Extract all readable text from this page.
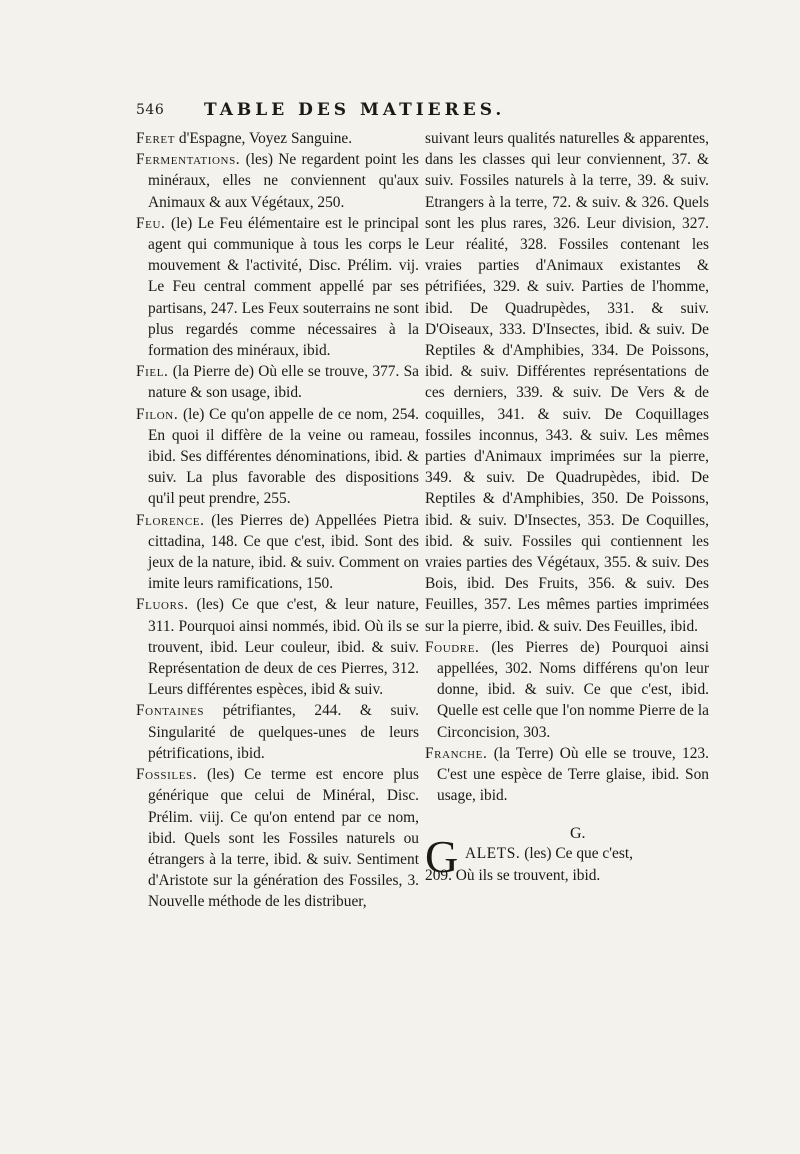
546 TABLE DES MATIERES.

Feret d'Espagne, Voyez Sanguine.

Fermentations. (les) Ne regardent point les minéraux, elles ne conviennent qu'aux Animaux & aux Végétaux, 250.

Feu. (le) Le Feu élémentaire est le principal agent qui communique à tous les corps le mouvement & l'activité, Disc. Prélim. vij. Le Feu central comment appellé par ses partisans, 247. Les Feux souterrains ne sont plus regardés comme nécessaires à la formation des minéraux, ibid.

Fiel. (la Pierre de) Où elle se trouve, 377. Sa nature & son usage, ibid.

Filon. (le) Ce qu'on appelle de ce nom, 254. En quoi il diffère de la veine ou rameau, ibid. Ses différentes dénominations, ibid. & suiv. La plus favorable des dispositions qu'il peut prendre, 255.

Florence. (les Pierres de) Appellées Pietra cittadina, 148. Ce que c'est, ibid. Sont des jeux de la nature, ibid. & suiv. Comment on imite leurs ramifications, 150.

Fluors. (les) Ce que c'est, & leur nature, 311. Pourquoi ainsi nommés, ibid. Où ils se trouvent, ibid. Leur couleur, ibid. & suiv. Représentation de deux de ces Pierres, 312. Leurs différentes espèces, ibid & suiv.

Fontaines pétrifiantes, 244. & suiv. Singularité de quelques-unes de leurs pétrifications, ibid.

Fossiles. (les) Ce terme est encore plus générique que celui de Minéral, Disc. Prélim. viij. Ce qu'on entend par ce nom, ibid. Quels sont les Fossiles naturels ou étrangers à la terre, ibid. & suiv. Sentiment d'Aristote sur la génération des Fossiles, 3. Nouvelle méthode de les distribuer,

suivant leurs qualités naturelles & apparentes, dans les classes qui leur conviennent, 37. & suiv. Fossiles naturels à la terre, 39. & suiv. Etrangers à la terre, 72. & suiv. & 326. Quels sont les plus rares, 326. Leur division, 327. Leur réalité, 328. Fossiles contenant les vraies parties d'Animaux existantes & pétrifiées, 329. & suiv. Parties de l'homme, ibid. De Quadrupèdes, 331. & suiv. D'Oiseaux, 333. D'Insectes, ibid. & suiv. De Reptiles & d'Amphibies, 334. De Poissons, ibid. & suiv. Différentes représentations de ces derniers, 339. & suiv. De Vers & de coquilles, 341. & suiv. De Coquillages fossiles inconnus, 343. & suiv. Les mêmes parties d'Animaux imprimées sur la pierre, 349. & suiv. De Quadrupèdes, ibid. De Reptiles & d'Amphibies, 350. De Poissons, ibid. & suiv. D'Insectes, 353. De Coquilles, ibid. & suiv. Fossiles qui contiennent les vraies parties des Végétaux, 355. & suiv. Des Bois, ibid. Des Fruits, 356. & suiv. Des Feuilles, 357. Les mêmes parties imprimées sur la pierre, ibid. & suiv. Des Feuilles, ibid.

Foudre. (les Pierres de) Pourquoi ainsi appellées, 302. Noms différens qu'on leur donne, ibid. & suiv. Ce que c'est, ibid. Quelle est celle que l'on nomme Pierre de la Circoncision, 303.

Franche. (la Terre) Où elle se trouve, 123. C'est une espèce de Terre glaise, ibid. Son usage, ibid.

G.
G ALETS. (les) Ce que c'est,
209. Où ils se trouvent, ibid.
